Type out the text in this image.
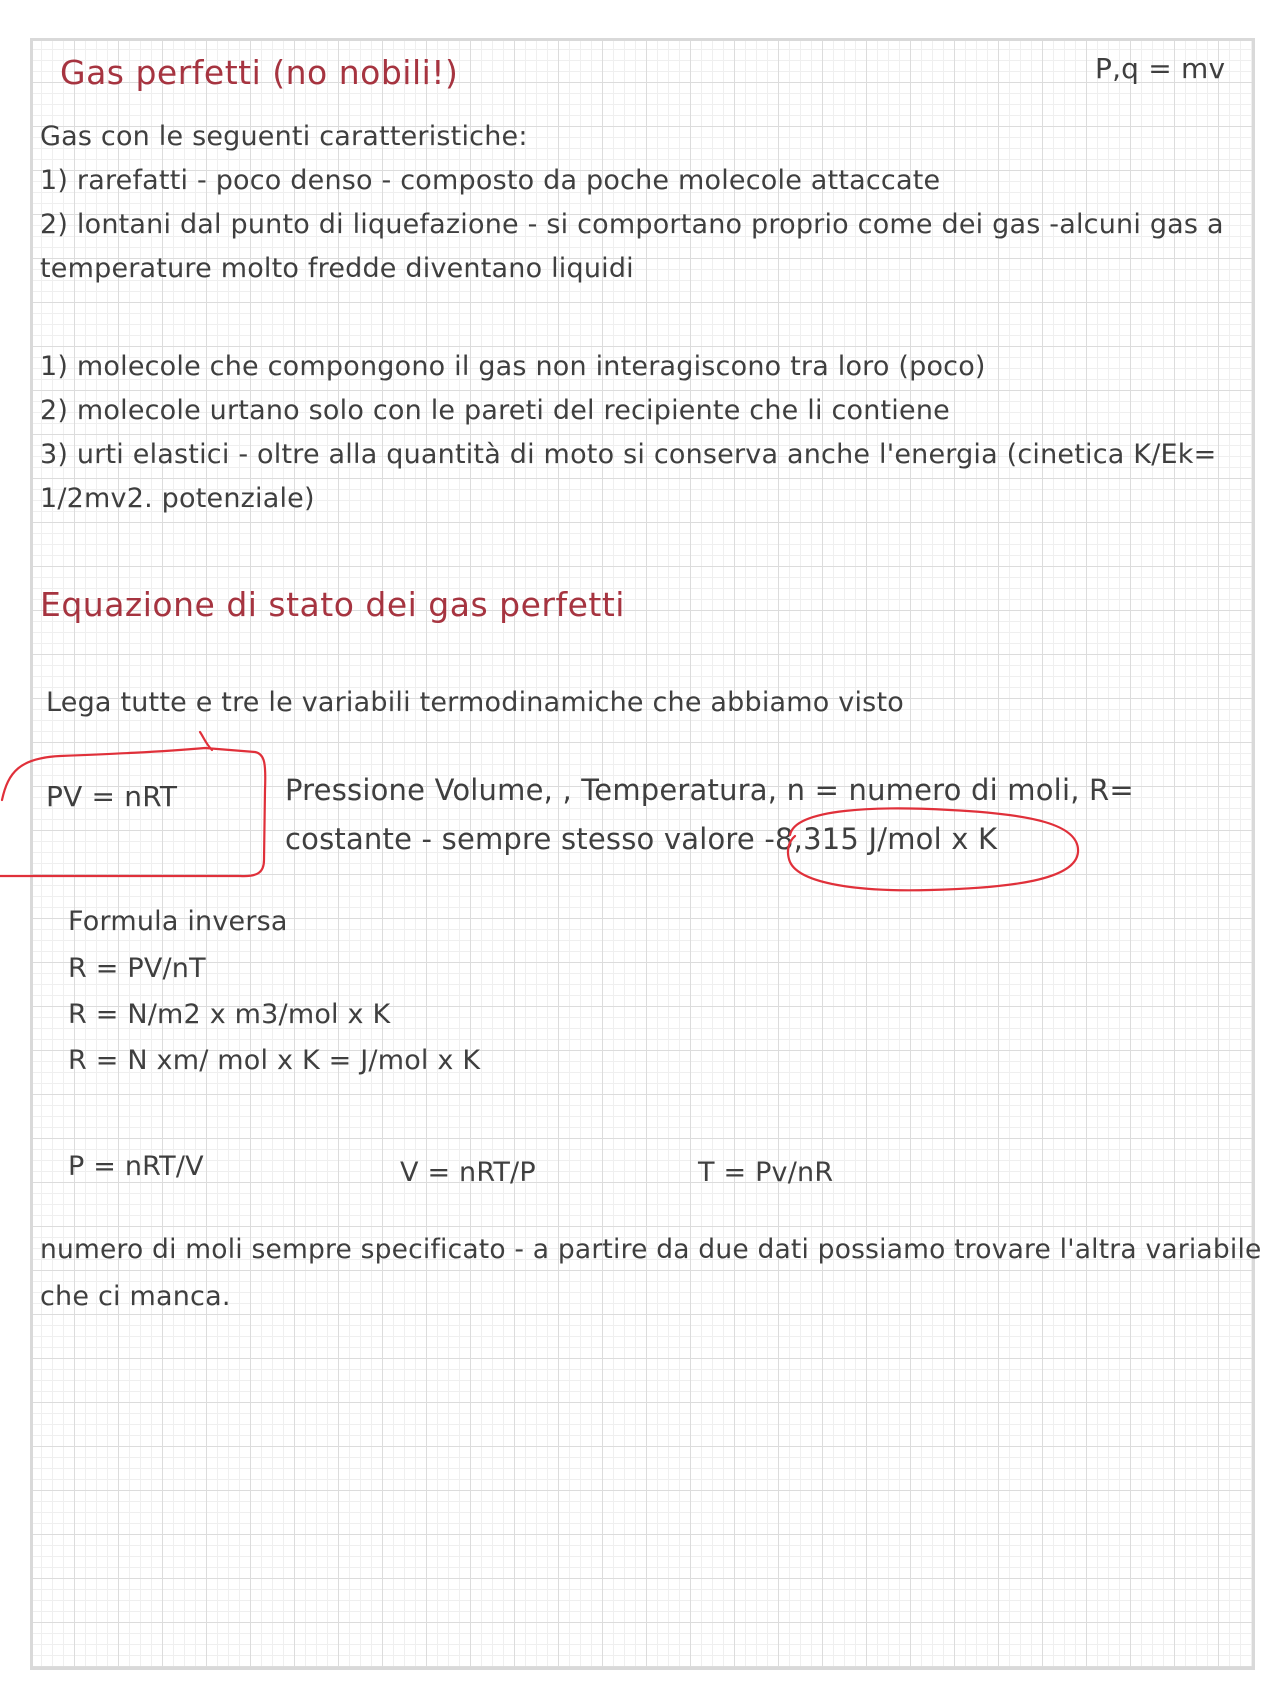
Gas perfetti (no nobili!)	P,q = mv
Gas con le seguenti caratteristiche:
1) rarefatti - poco denso - composto da poche molecole attaccate
2) lontani dal punto di liquefazione - si comportano proprio come dei gas -alcuni gas a
temperature molto fredde diventano liquidi
1) molecole che compongono il gas non interagiscono tra loro (poco)
2) molecole urtano solo con le pareti del recipiente che li contiene
3) urti elastici - oltre alla quantità di moto si conserva anche l'energia (cinetica K/Ek=
1/2mv2. potenziale)
Equazione di stato dei gas perfetti
Lega tutte e tre le variabili termodinamiche che abbiamo visto
PV = nRT	Pressione Volume, , Temperatura, n = numero di moli, R=
costante - sempre stesso valore -8,315 J/mol x K
Formula inversa
R = PV/nT
R = N/m2 x m3/mol x K
R = N xm/ mol x K = J/mol x K
P = nRT/V	V = nRT/P	T = Pv/nR
numero di moli sempre specificato - a partire da due dati possiamo trovare l'altra variabile
che ci manca.
